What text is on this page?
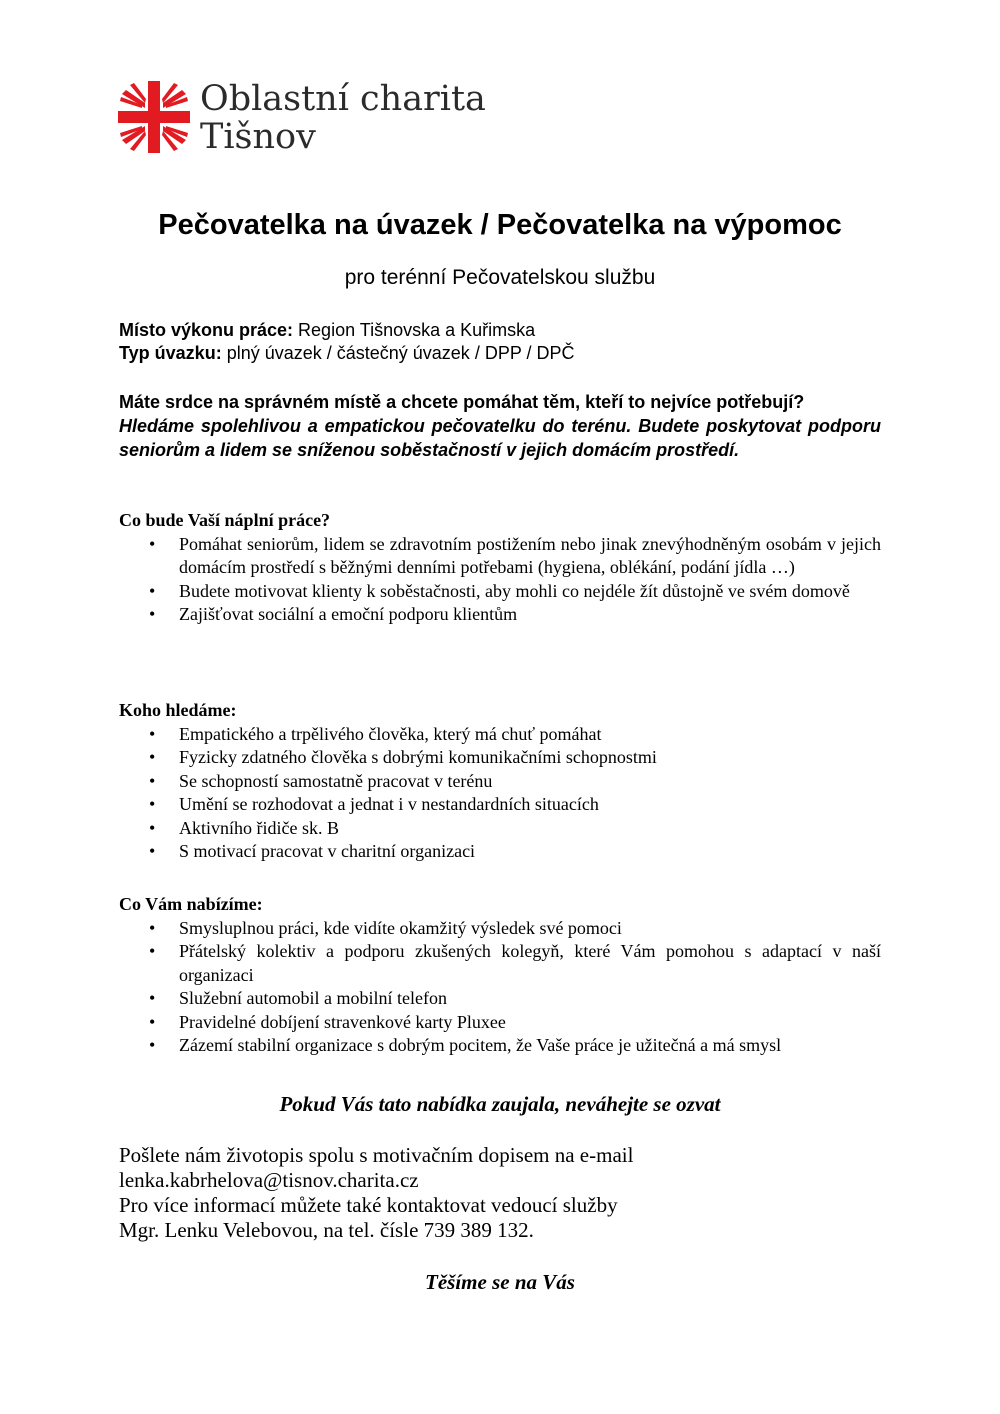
Oblastní charita
Tišnov
Pečovatelka na úvazek / Pečovatelka na výpomoc
pro terénní Pečovatelskou službu
Místo výkonu práce: Region Tišnovska a Kuřimska
Typ úvazku: plný úvazek / částečný úvazek / DPP / DPČ
Máte srdce na správném místě a chcete pomáhat těm, kteří to nejvíce potřebují?
Hledáme spolehlivou a empatickou pečovatelku do terénu. Budete poskytovat podporu seniorům a lidem se sníženou soběstačností v jejich domácím prostředí.
Co bude Vaší náplní práce?
• Pomáhat seniorům, lidem se zdravotním postižením nebo jinak znevýhodněným osobám v jejich domácím prostředí s běžnými denními potřebami (hygiena, oblékání, podání jídla …)
• Budete motivovat klienty k soběstačnosti, aby mohli co nejdéle žít důstojně ve svém domově
• Zajišťovat sociální a emoční podporu klientům
Koho hledáme:
• Empatického a trpělivého člověka, který má chuť pomáhat
• Fyzicky zdatného člověka s dobrými komunikačními schopnostmi
• Se schopností samostatně pracovat v terénu
• Umění se rozhodovat a jednat i v nestandardních situacích
• Aktivního řidiče sk. B
• S motivací pracovat v charitní organizaci
Co Vám nabízíme:
• Smysluplnou práci, kde vidíte okamžitý výsledek své pomoci
• Přátelský kolektiv a podporu zkušených kolegyň, které Vám pomohou s adaptací v naší organizaci
• Služební automobil a mobilní telefon
• Pravidelné dobíjení stravenkové karty Pluxee
• Zázemí stabilní organizace s dobrým pocitem, že Vaše práce je užitečná a má smysl
Pokud Vás tato nabídka zaujala, neváhejte se ozvat
Pošlete nám životopis spolu s motivačním dopisem na e-mail
lenka.kabrhelova@tisnov.charita.cz
Pro více informací můžete také kontaktovat vedoucí služby
Mgr. Lenku Velebovou, na tel. čísle 739 389 132.
Těšíme se na Vás
